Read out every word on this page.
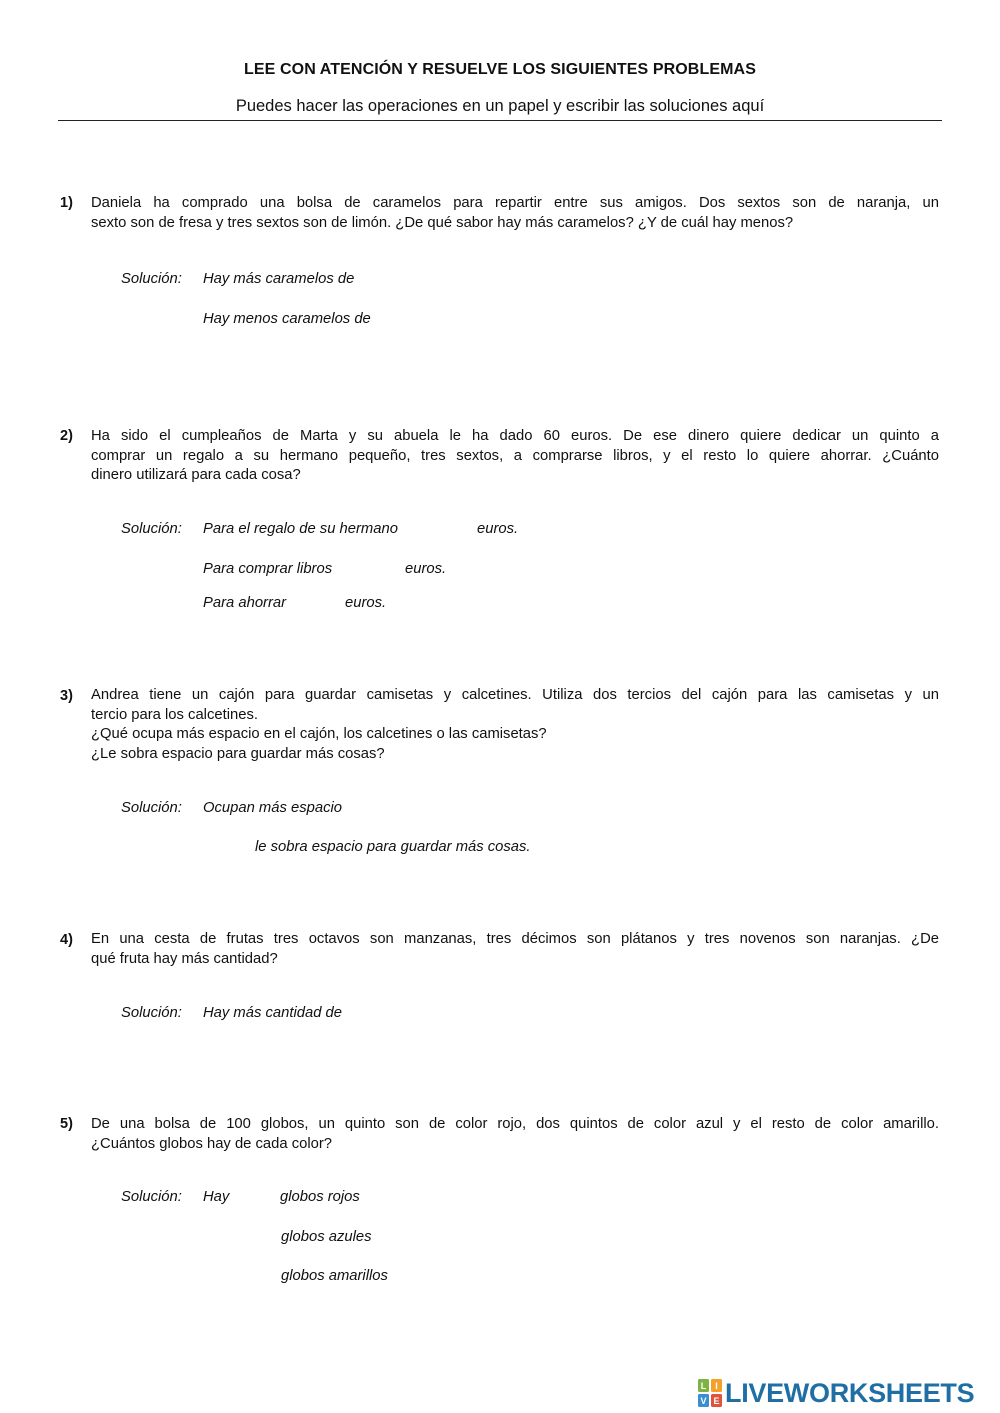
LEE CON ATENCIÓN Y RESUELVE LOS SIGUIENTES PROBLEMAS
Puedes hacer las operaciones en un papel y escribir las soluciones aquí
1) Daniela ha comprado una bolsa de caramelos para repartir entre sus amigos. Dos sextos son de naranja, un
sexto son de fresa y tres sextos son de limón. ¿De qué sabor hay más caramelos? ¿Y de cuál hay menos?
Solución: Hay más caramelos de
Hay menos caramelos de
2) Ha sido el cumpleaños de Marta y su abuela le ha dado 60 euros. De ese dinero quiere dedicar un quinto a
comprar un regalo a su hermano pequeño, tres sextos, a comprarse libros, y el resto lo quiere ahorrar. ¿Cuánto
dinero utilizará para cada cosa?
Solución: Para el regalo de su hermano	euros.
Para comprar libros	euros.
Para ahorrar	euros.
3) Andrea tiene un cajón para guardar camisetas y calcetines. Utiliza dos tercios del cajón para las camisetas y un
tercio para los calcetines.
¿Qué ocupa más espacio en el cajón, los calcetines o las camisetas?
¿Le sobra espacio para guardar más cosas?
Solución: Ocupan más espacio
le sobra espacio para guardar más cosas.
4) En una cesta de frutas tres octavos son manzanas, tres décimos son plátanos y tres novenos son naranjas. ¿De
qué fruta hay más cantidad?
Solución: Hay más cantidad de
5) De una bolsa de 100 globos, un quinto son de color rojo, dos quintos de color azul y el resto de color amarillo.
¿Cuántos globos hay de cada color?
Solución: Hay	globos rojos
globos azules
globos amarillos
L I
V E LIVEWORKSHEETS
